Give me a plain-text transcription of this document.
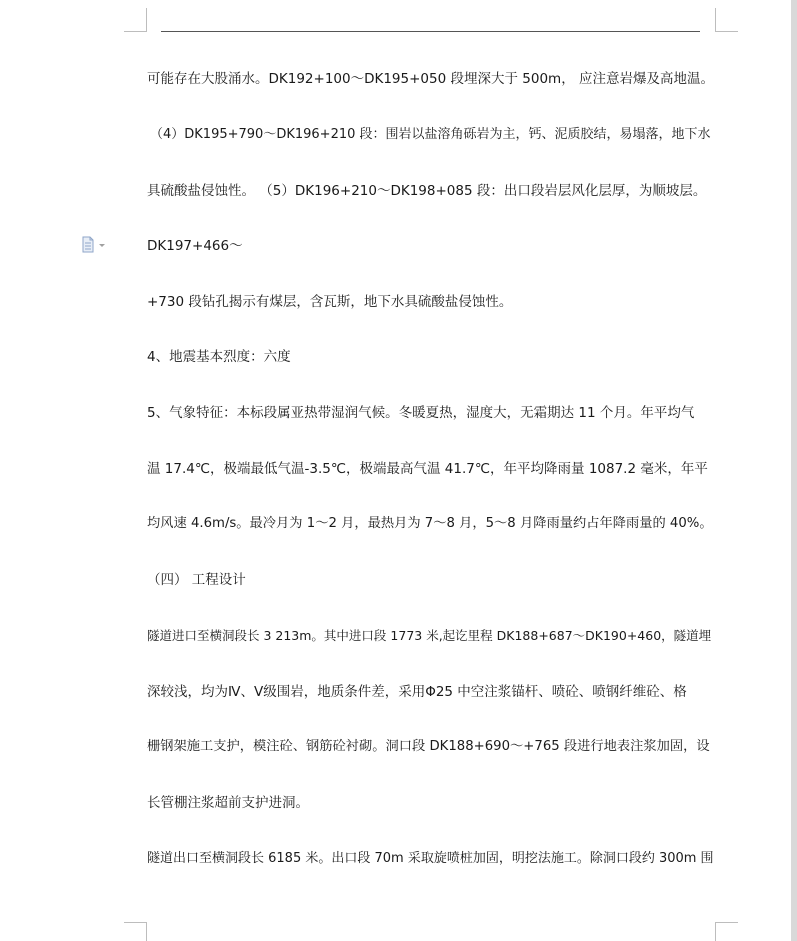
可能存在大股涌水。DK192+100～DK195+050 段埋深大于 500m， 应注意岩爆及高地温。
（4）DK195+790～DK196+210 段：围岩以盐溶角砾岩为主，钙、泥质胶结，易塌落，地下水
具硫酸盐侵蚀性。 （5）DK196+210～DK198+085 段：出口段岩层风化层厚，为顺坡层。
DK197+466～
+730 段钻孔揭示有煤层，含瓦斯，地下水具硫酸盐侵蚀性。
4、地震基本烈度：六度
5、气象特征：本标段属亚热带湿润气候。冬暖夏热，湿度大，无霜期达 11 个月。年平均气
温 17.4℃，极端最低气温-3.5℃，极端最高气温 41.7℃，年平均降雨量 1087.2 毫米，年平
均风速 4.6m/s。最冷月为 1～2 月，最热月为 7～8 月，5～8 月降雨量约占年降雨量的 40%。
（四） 工程设计
隧道进口至横洞段长 3 213m。其中进口段 1773 米,起讫里程 DK188+687～DK190+460，隧道埋
深较浅，均为Ⅳ、Ⅴ级围岩，地质条件差，采用Φ25 中空注浆锚杆、喷砼、喷钢纤维砼、格
栅钢架施工支护，模注砼、钢筋砼衬砌。洞口段 DK188+690～+765 段进行地表注浆加固，设
长管棚注浆超前支护进洞。
隧道出口至横洞段长 6185 米。出口段 70m 采取旋喷桩加固，明挖法施工。除洞口段约 300m 围
